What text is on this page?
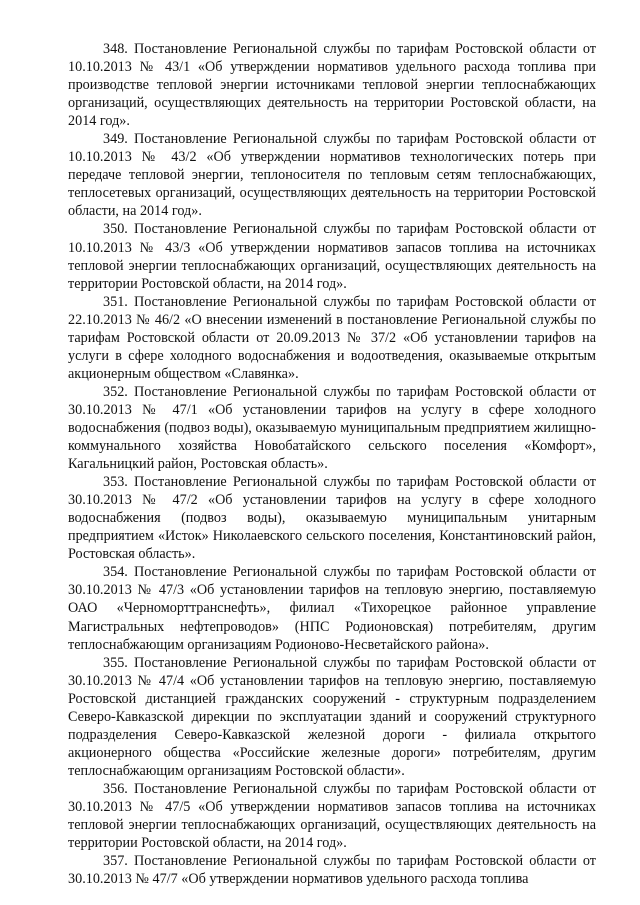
348. Постановление Региональной службы по тарифам Ростовской области от 10.10.2013 № 43/1 «Об утверждении нормативов удельного расхода топлива при производстве тепловой энергии источниками тепловой энергии теплоснабжающих организаций, осуществляющих деятельность на территории Ростовской области, на 2014 год».

349. Постановление Региональной службы по тарифам Ростовской области от 10.10.2013 № 43/2 «Об утверждении нормативов технологических потерь при передаче тепловой энергии, теплоносителя по тепловым сетям теплоснабжающих, теплосетевых организаций, осуществляющих деятельность на территории Ростовской области, на 2014 год».

350. Постановление Региональной службы по тарифам Ростовской области от 10.10.2013 № 43/3 «Об утверждении нормативов запасов топлива на источниках тепловой энергии теплоснабжающих организаций, осуществляющих деятельность на территории Ростовской области, на 2014 год».

351. Постановление Региональной службы по тарифам Ростовской области от 22.10.2013 № 46/2 «О внесении изменений в постановление Региональной службы по тарифам Ростовской области от 20.09.2013 № 37/2 «Об установлении тарифов на услуги в сфере холодного водоснабжения и водоотведения, оказываемые открытым акционерным обществом «Славянка».

352. Постановление Региональной службы по тарифам Ростовской области от 30.10.2013 № 47/1 «Об установлении тарифов на услугу в сфере холодного водоснабжения (подвоз воды), оказываемую муниципальным предприятием жилищно-коммунального хозяйства Новобатайского сельского поселения «Комфорт», Кагальницкий район, Ростовская область».

353. Постановление Региональной службы по тарифам Ростовской области от 30.10.2013 № 47/2 «Об установлении тарифов на услугу в сфере холодного водоснабжения (подвоз воды), оказываемую муниципальным унитарным предприятием «Исток» Николаевского сельского поселения, Константиновский район, Ростовская область».

354. Постановление Региональной службы по тарифам Ростовской области от 30.10.2013 № 47/3 «Об установлении тарифов на тепловую энергию, поставляемую ОАО «Черноморттранснефть», филиал «Тихорецкое районное управление Магистральных нефтепроводов» (НПС Родионовская) потребителям, другим теплоснабжающим организациям Родионово-Несветайского района».

355. Постановление Региональной службы по тарифам Ростовской области от 30.10.2013 № 47/4 «Об установлении тарифов на тепловую энергию, поставляемую Ростовской дистанцией гражданских сооружений - структурным подразделением Северо-Кавказской дирекции по эксплуатации зданий и сооружений структурного подразделения Северо-Кавказской железной дороги - филиала открытого акционерного общества «Российские железные дороги» потребителям, другим теплоснабжающим организациям Ростовской области».

356. Постановление Региональной службы по тарифам Ростовской области от 30.10.2013 № 47/5 «Об утверждении нормативов запасов топлива на источниках тепловой энергии теплоснабжающих организаций, осуществляющих деятельность на территории Ростовской области, на 2014 год».

357. Постановление Региональной службы по тарифам Ростовской области от 30.10.2013 № 47/7 «Об утверждении нормативов удельного расхода топлива
